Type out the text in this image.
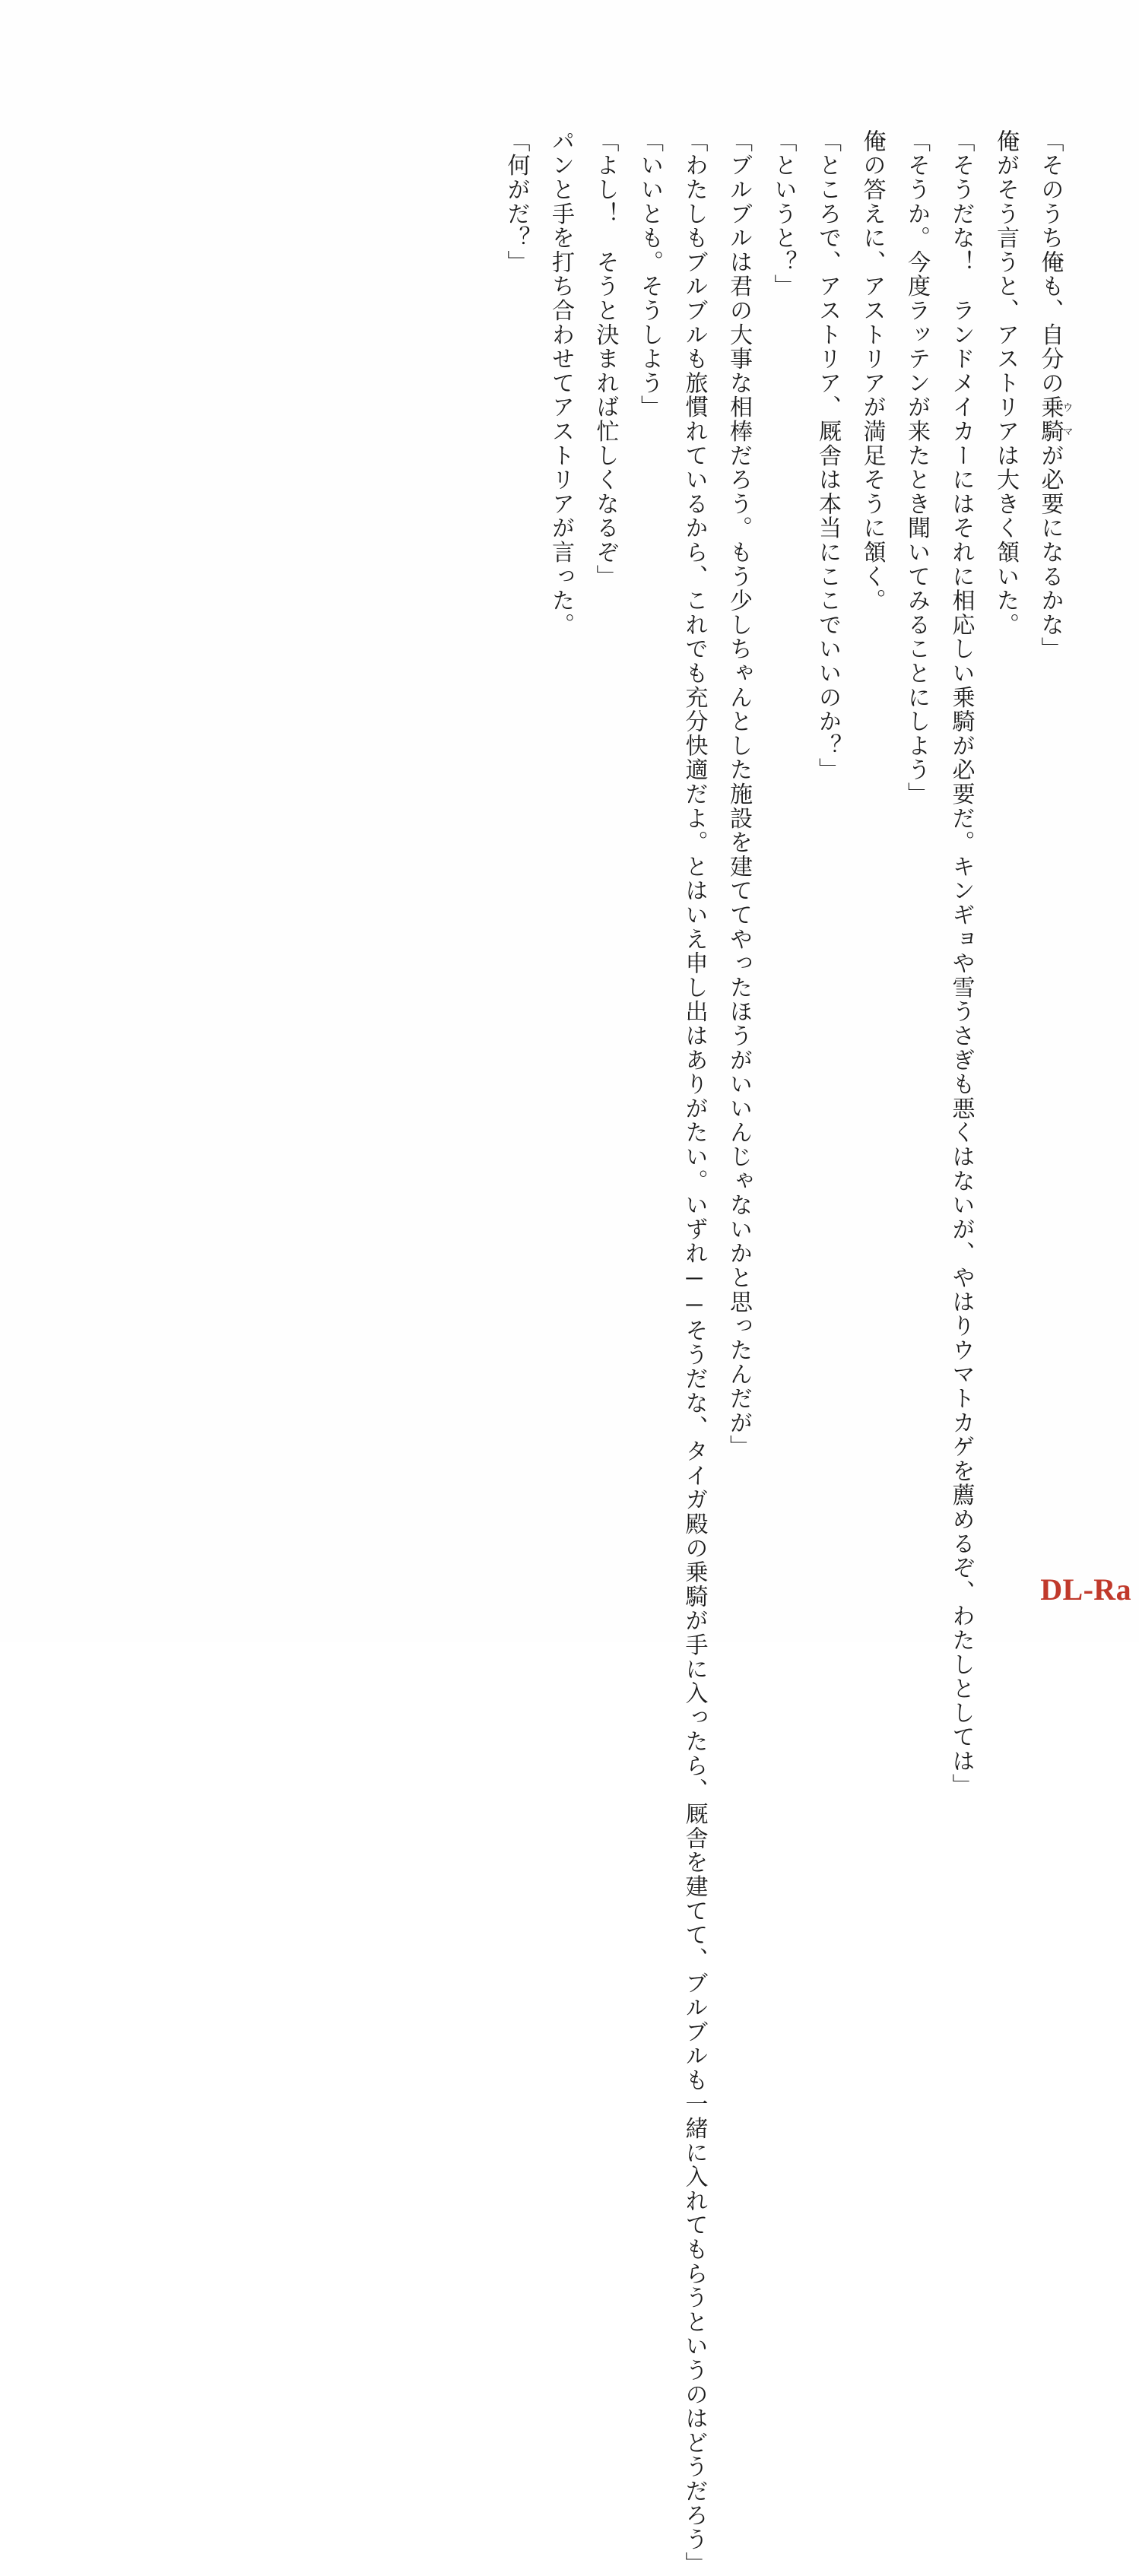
「そのうち俺も、自分の乗騎ウマが必要になるかな」

俺がそう言うと、アストリアは大きく頷いた。

「そうだな！　ランドメイカーにはそれに相応しい乗騎が必要だ。キンギョや雪うさぎも悪くはないが、やはりウマトカゲを薦めるぞ、わたしとしては」

「そうか。今度ラッテンが来たとき聞いてみることにしよう」

俺の答えに、アストリアが満足そうに頷く。

「ところで、アストリア、厩舎は本当にここでいいのか？」

「というと？」

「ブルブルは君の大事な相棒だろう。もう少しちゃんとした施設を建ててやったほうがいいんじゃないかと思ったんだが」

「わたしもブルブルも旅慣れているから、これでも充分快適だよ。とはいえ申し出はありがたい。いずれ──そうだな、タイガ殿の乗騎が手に入ったら、厩舎を建てて、ブルブルも一緒に入れてもらうというのはどうだろう」

「いいとも。そうしよう」

「よし！　そうと決まれば忙しくなるぞ」

パンと手を打ち合わせてアストリアが言った。

「何がだ？」

DL-Ra
